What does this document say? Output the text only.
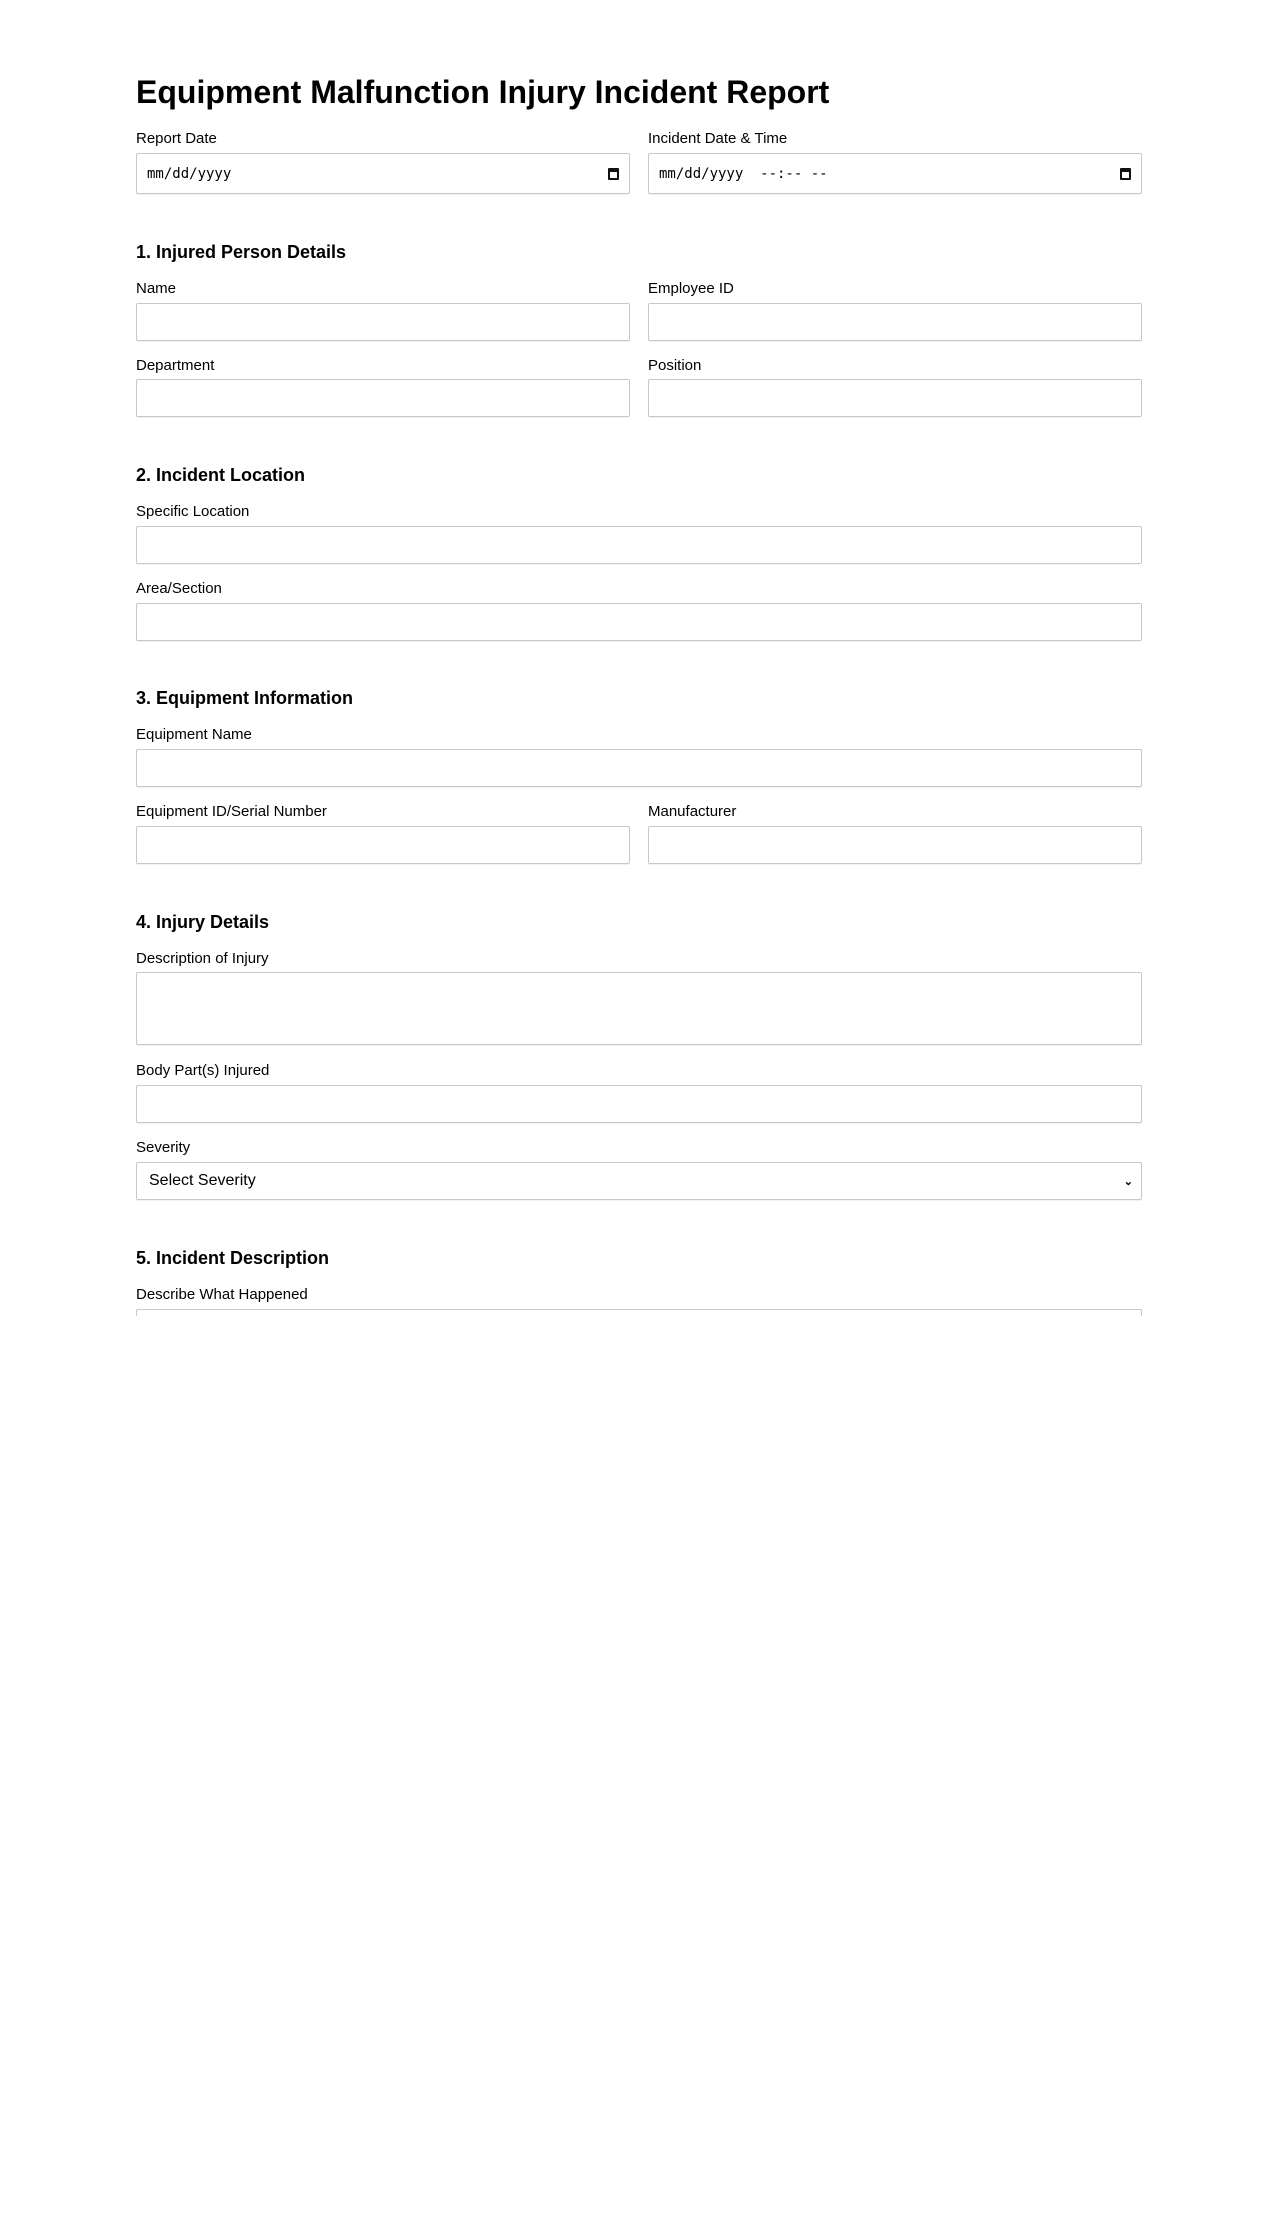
Equipment Malfunction Injury Incident Report
Report Date
mm/dd/yyyy
Incident Date & Time
mm/dd/yyyy  --:-- --
1. Injured Person Details
Name	Employee ID
Department	Position
2. Incident Location
Specific Location
Area/Section
3. Equipment Information
Equipment Name
Equipment ID/Serial Number	Manufacturer
4. Injury Details
Description of Injury
Body Part(s) Injured
Severity
Select Severity	⌄
5. Incident Description
Describe What Happened
